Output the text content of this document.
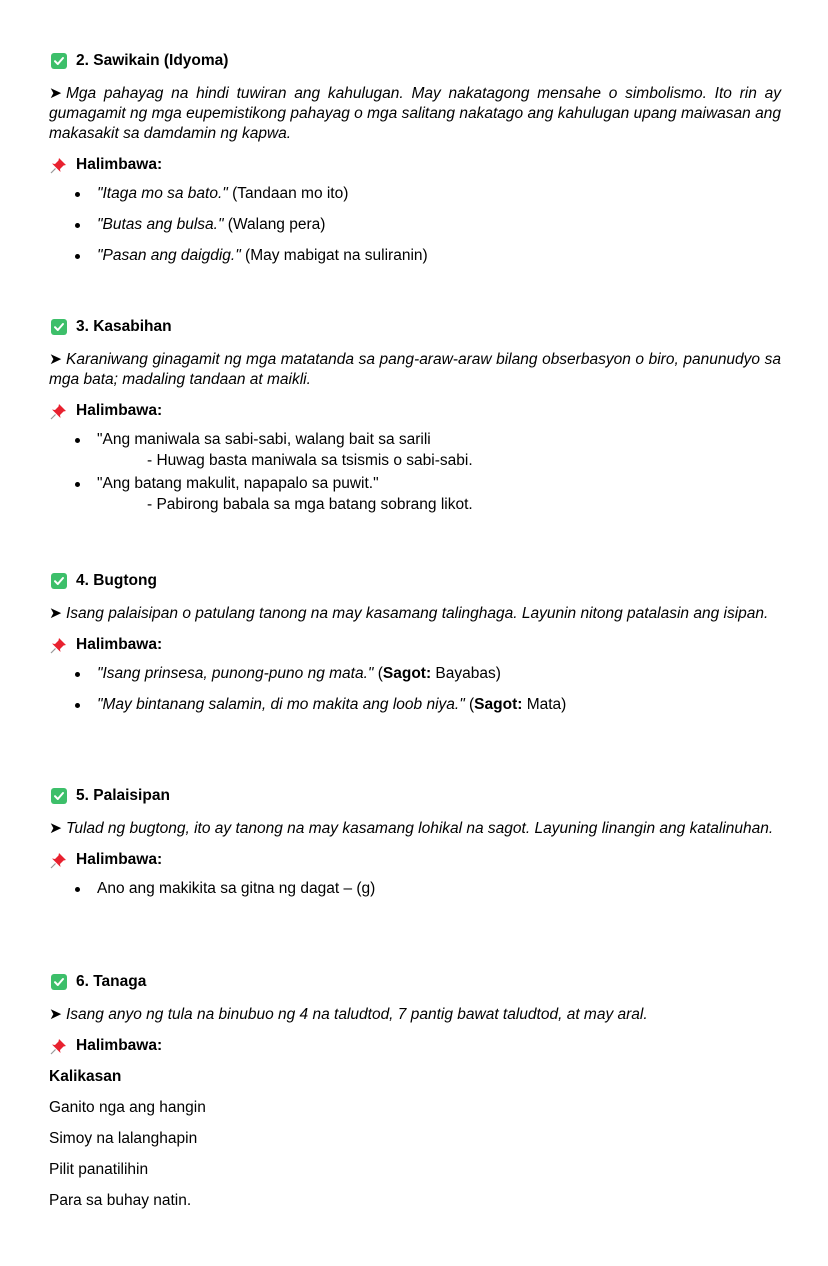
2. Sawikain (Idyoma)
➤ Mga pahayag na hindi tuwiran ang kahulugan. May nakatagong mensahe o simbolismo. Ito rin ay gumagamit ng mga eupemistikong pahayag o mga salitang nakatago ang kahulugan upang maiwasan ang makasakit sa damdamin ng kapwa.
Halimbawa:
"Itaga mo sa bato." (Tandaan mo ito)
"Butas ang bulsa." (Walang pera)
"Pasan ang daigdig." (May mabigat na suliranin)
3. Kasabihan
➤ Karaniwang ginagamit ng mga matatanda sa pang-araw-araw bilang obserbasyon o biro, panunudyo sa mga bata; madaling tandaan at maikli.
Halimbawa:
"Ang maniwala sa sabi-sabi, walang bait sa sarili
- Huwag basta maniwala sa tsismis o sabi-sabi.
"Ang batang makulit, napapalo sa puwit."
- Pabirong babala sa mga batang sobrang likot.
4. Bugtong
➤ Isang palaisipan o patulang tanong na may kasamang talinghaga. Layunin nitong patalasin ang isipan.
Halimbawa:
"Isang prinsesa, punong-puno ng mata." (Sagot: Bayabas)
"May bintanang salamin, di mo makita ang loob niya." (Sagot: Mata)
5. Palaisipan
➤ Tulad ng bugtong, ito ay tanong na may kasamang lohikal na sagot. Layuning linangin ang katalinuhan.
Halimbawa:
Ano ang makikita sa gitna ng dagat – (g)
6. Tanaga
➤ Isang anyo ng tula na binubuo ng 4 na taludtod, 7 pantig bawat taludtod, at may aral.
Halimbawa:
Kalikasan
Ganito nga ang hangin
Simoy na lalanghapin
Pilit panatilihin
Para sa buhay natin.
